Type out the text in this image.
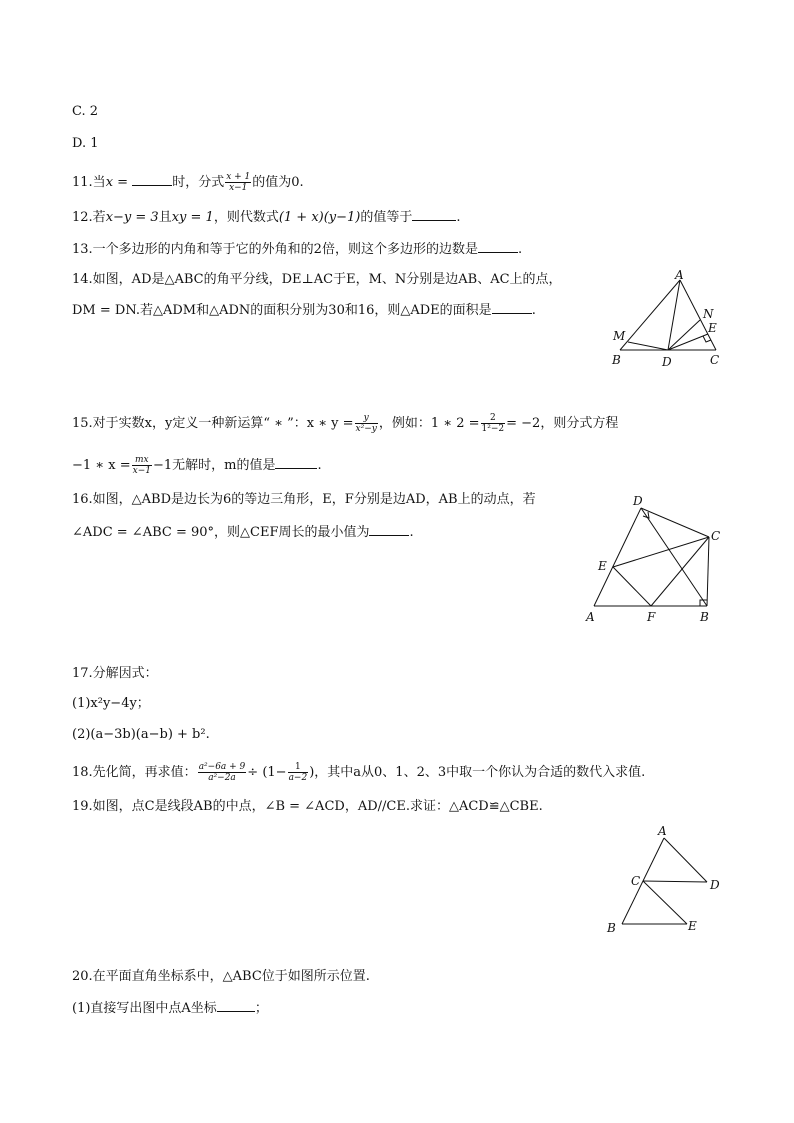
C. 2
D. 1
11.当x =	时，分式 $\frac{x + 1}{x-1}$ 的值为0.
12.若x−y = 3且xy = 1，则代数式(1 + x)(y−1)的值等于	.
13.一个多边形的内角和等于它的外角和的2倍，则这个多边形的边数是	.
14.如图，AD是△ABC的角平分线，DE⊥AC于E，M、N分别是边AB、AC上的点，
DM = DN.若△ADM和△ADN的面积分别为30和16，则△ADE的面积是	.
A
B	C
D
E
M
N
15.对于实数x，y定义一种新运算“ ∗ ”：x ∗ $y = \frac{y}{\text{x²−y}}$ ，例如：1 ∗ $2 = \frac{2}{\text{1²−2}} = -2$，则分式方程
−1 ∗ $x = \frac{mx}{x-1} -1$无解时，m的值是	.
16.如图，△ABD是边长为6的等边三角形，E，F分别是边AD，AB上的动点，若
∠ADC = ∠ABC = 90°，则△CEF周长的最小值为	.
D
C
E
A	F	B
17.分解因式：
(1)x²y−4y；
(2)(a−3b)(a−b) + b².
18.先化简，再求值： $\frac{\text{a²−6a + 9}}{\text{a²−2a}} \div (1- \frac{1}{a-2}$ )，其中a从0、1、2、3中取一个你认为合适的数代入求值.
19.如图，点C是线段AB的中点，∠B = ∠ACD，AD//CE.求证：△ACD≌△CBE.
A
C	D
B	E
20.在平面直角坐标系中，△ABC位于如图所示位置.
(1)直接写出图中点A坐标	；
